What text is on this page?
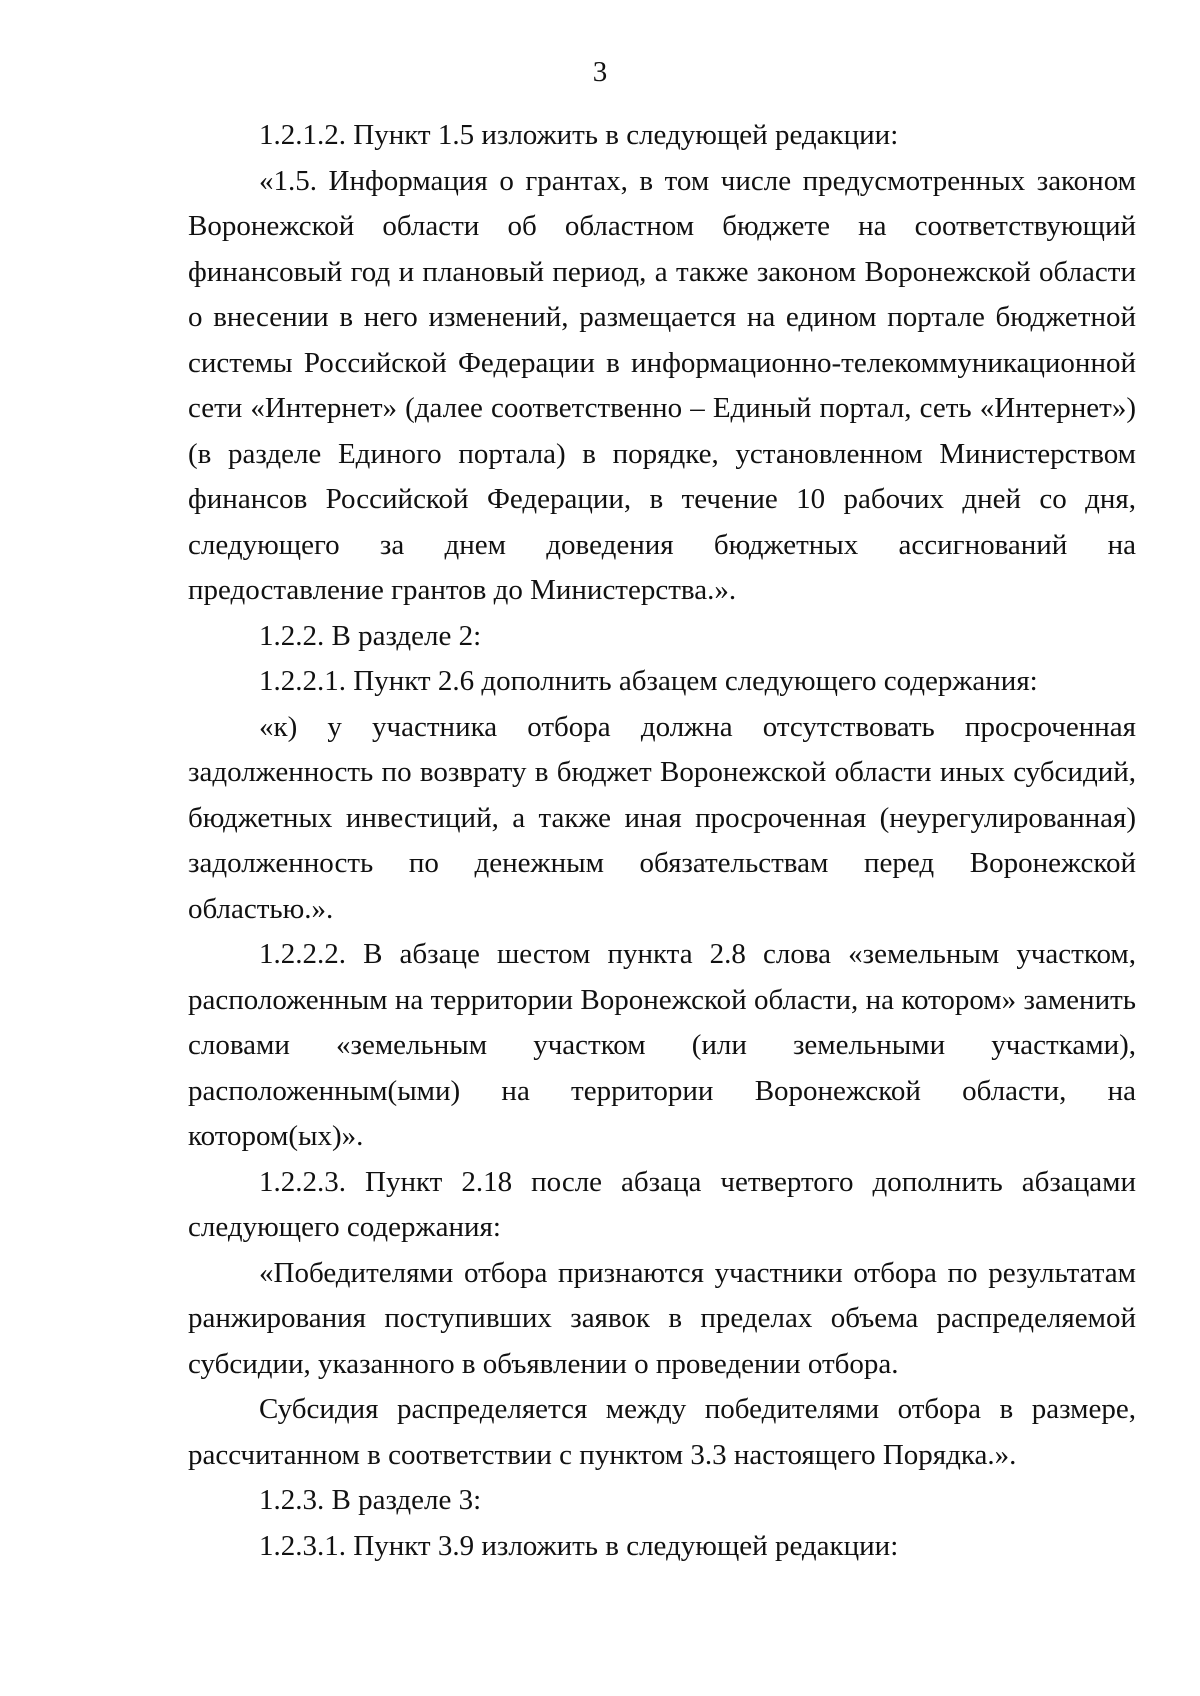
3

1.2.1.2. Пункт 1.5 изложить в следующей редакции:

«1.5. Информация о грантах, в том числе предусмотренных законом Воронежской области об областном бюджете на соответствующий финансовый год и плановый период, а также законом Воронежской области о внесении в него изменений, размещается на едином портале бюджетной системы Российской Федерации в информационно-телекоммуникационной сети «Интернет» (далее соответственно – Единый портал, сеть «Интернет») (в разделе Единого портала) в порядке, установленном Министерством финансов Российской Федерации, в течение 10 рабочих дней со дня, следующего за днем доведения бюджетных ассигнований на предоставление грантов до Министерства.».

1.2.2. В разделе 2:

1.2.2.1. Пункт 2.6 дополнить абзацем следующего содержания:

«к) у участника отбора должна отсутствовать просроченная задолженность по возврату в бюджет Воронежской области иных субсидий, бюджетных инвестиций, а также иная просроченная (неурегулированная) задолженность по денежным обязательствам перед Воронежской областью.».

1.2.2.2. В абзаце шестом пункта 2.8 слова «земельным участком, расположенным на территории Воронежской области, на котором» заменить словами «земельным участком (или земельными участками), расположенным(ыми) на территории Воронежской области, на котором(ых)».

1.2.2.3. Пункт 2.18 после абзаца четвертого дополнить абзацами следующего содержания:

«Победителями отбора признаются участники отбора по результатам ранжирования поступивших заявок в пределах объема распределяемой субсидии, указанного в объявлении о проведении отбора.

Субсидия распределяется между победителями отбора в размере, рассчитанном в соответствии с пунктом 3.3 настоящего Порядка.».

1.2.3. В разделе 3:

1.2.3.1. Пункт 3.9 изложить в следующей редакции:
